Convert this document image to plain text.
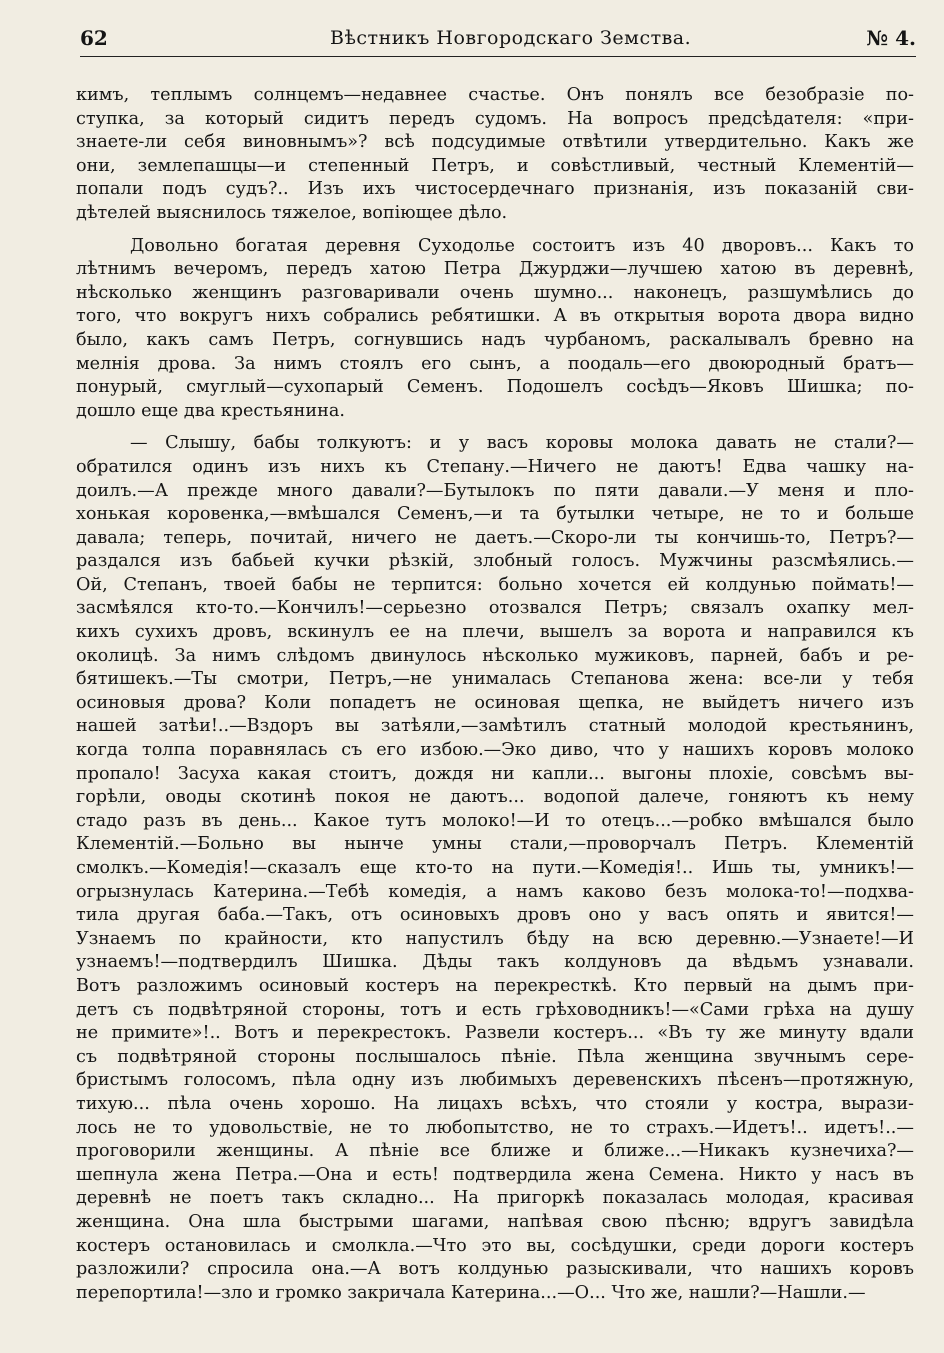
62	Вѣстникъ Новгородскаго Земства.	№ 4.
кимъ, теплымъ солнцемъ—недавнее счастье. Онъ понялъ все безобразіе по-
ступка, за который сидитъ передъ судомъ. На вопросъ предсѣдателя: «при-
знаете-ли себя виновнымъ»? всѣ подсудимые отвѣтили утвердительно. Какъ же
они, землепашцы—и степенный Петръ, и совѣстливый, честный Клементій—
попали подъ судъ?.. Изъ ихъ чистосердечнаго признанія, изъ показаній сви-
дѣтелей выяснилось тяжелое, вопіющее дѣло.
Довольно богатая деревня Суходолье состоитъ изъ 40 дворовъ... Какъ то
лѣтнимъ вечеромъ, передъ хатою Петра Джурджи—лучшею хатою въ деревнѣ,
нѣсколько женщинъ разговаривали очень шумно... наконецъ, разшумѣлись до
того, что вокругъ нихъ собрались ребятишки. А въ открытыя ворота двора видно
было, какъ самъ Петръ, согнувшись надъ чурбаномъ, раскалывалъ бревно на
мелнія дрова. За нимъ стоялъ его сынъ, а поодаль—его двоюродный братъ—
понурый, смуглый—сухопарый Семенъ. Подошелъ сосѣдъ—Яковъ Шишка; по-
дошло еще два крестьянина.
— Слышу, бабы толкуютъ: и у васъ коровы молока давать не стали?—
обратился одинъ изъ нихъ къ Степану.—Ничего не даютъ! Едва чашку на-
доилъ.—А прежде много давали?—Бутылокъ по пяти давали.—У меня и пло-
хонькая коровенка,—вмѣшался Семенъ,—и та бутылки четыре, не то и больше
давала; теперь, почитай, ничего не даетъ.—Скоро-ли ты кончишь-то, Петръ?—
раздался изъ бабьей кучки рѣзкій, злобный голосъ. Мужчины разсмѣялись.—
Ой, Степанъ, твоей бабы не терпится: больно хочется ей колдунью поймать!—
засмѣялся кто-то.—Кончилъ!—серьезно отозвался Петръ; связалъ охапку мел-
кихъ сухихъ дровъ, вскинулъ ее на плечи, вышелъ за ворота и направился къ
околицѣ. За нимъ слѣдомъ двинулось нѣсколько мужиковъ, парней, бабъ и ре-
бятишекъ.—Ты смотри, Петръ,—не унималась Степанова жена: все-ли у тебя
осиновыя дрова? Коли попадетъ не осиновая щепка, не выйдетъ ничего изъ
нашей затѣи!..—Вздоръ вы затѣяли,—замѣтилъ статный молодой крестьянинъ,
когда толпа поравнялась съ его избою.—Эко диво, что у нашихъ коровъ молоко
пропало! Засуха какая стоитъ, дождя ни капли... выгоны плохіе, совсѣмъ вы-
горѣли, оводы скотинѣ покоя не даютъ... водопой далече, гоняютъ къ нему
стадо разъ въ день... Какое тутъ молоко!—И то отецъ...—робко вмѣшался было
Клементій.—Больно вы нынче умны стали,—проворчалъ Петръ. Клементій
смолкъ.—Комедія!—сказалъ еще кто-то на пути.—Комедія!.. Ишь ты, умникъ!—
огрызнулась Катерина.—Тебѣ комедія, а намъ каково безъ молока-то!—подхва-
тила другая баба.—Такъ, отъ осиновыхъ дровъ оно у васъ опять и явится!—
Узнаемъ по крайности, кто напустилъ бѣду на всю деревню.—Узнаете!—И
узнаемъ!—подтвердилъ Шишка. Дѣды такъ колдуновъ да вѣдьмъ узнавали.
Вотъ разложимъ осиновый костеръ на перекресткѣ. Кто первый на дымъ при-
детъ съ подвѣтряной стороны, тотъ и есть грѣховодникъ!—«Сами грѣха на душу
не примите»!.. Вотъ и перекрестокъ. Развели костеръ... «Въ ту же минуту вдали
съ подвѣтряной стороны послышалось пѣніе. Пѣла женщина звучнымъ сере-
бристымъ голосомъ, пѣла одну изъ любимыхъ деревенскихъ пѣсенъ—протяжную,
тихую... пѣла очень хорошо. На лицахъ всѣхъ, что стояли у костра, вырази-
лось не то удовольствіе, не то любопытство, не то страхъ.—Идетъ!.. идетъ!..—
проговорили женщины. А пѣніе все ближе и ближе...—Никакъ кузнечиха?—
шепнула жена Петра.—Она и есть! подтвердила жена Семена. Никто у насъ въ
деревнѣ не поетъ такъ складно... На пригоркѣ показалась молодая, красивая
женщина. Она шла быстрыми шагами, напѣвая свою пѣсню; вдругъ завидѣла
костеръ остановилась и смолкла.—Что это вы, сосѣдушки, среди дороги костеръ
разложили? спросила она.—А вотъ колдунью разыскивали, что нашихъ коровъ
перепортила!—зло и громко закричала Катерина...—О... Что же, нашли?—Нашли.—
